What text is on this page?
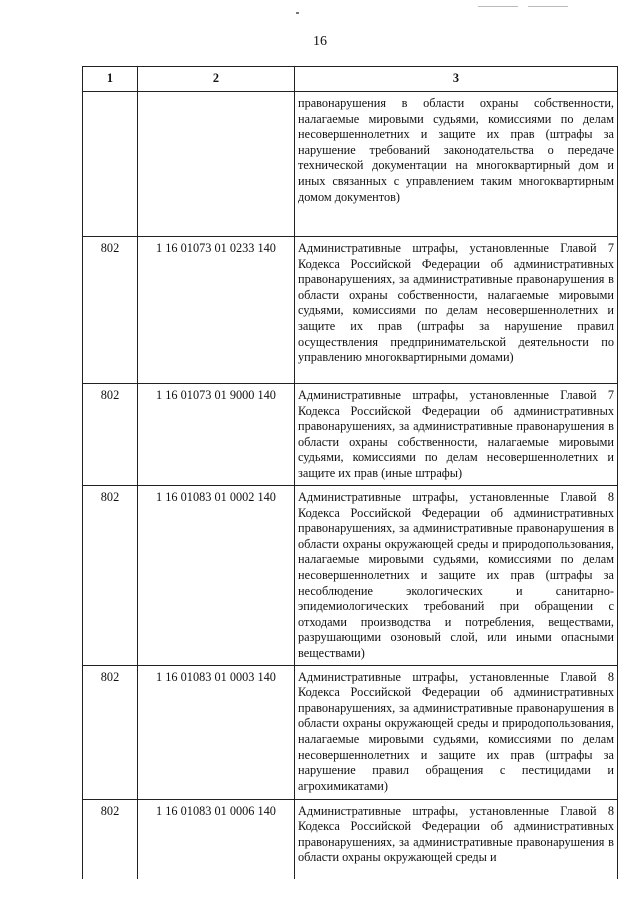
16
1	2	3
		правонарушения в области охраны собственности, налагаемые мировыми судьями, комиссиями по делам несовершеннолетних и защите их прав (штрафы за нарушение требований законодательства о передаче технической документации на многоквартирный дом и иных связанных с управлением таким многоквартирным домом документов)
802	1 16 01073 01 0233 140	Административные штрафы, установленные Главой 7 Кодекса Российской Федерации об административных правонарушениях, за административные правонарушения в области охраны собственности, налагаемые мировыми судьями, комиссиями по делам несовершеннолетних и защите их прав (штрафы за нарушение правил осуществления предпринимательской деятельности по управлению многоквартирными домами)
802	1 16 01073 01 9000 140	Административные штрафы, установленные Главой 7 Кодекса Российской Федерации об административных правонарушениях, за административные правонарушения в области охраны собственности, налагаемые мировыми судьями, комиссиями по делам несовершеннолетних и защите их прав (иные штрафы)
802	1 16 01083 01 0002 140	Административные штрафы, установленные Главой 8 Кодекса Российской Федерации об административных правонарушениях, за административные правонарушения в области охраны окружающей среды и природопользования, налагаемые мировыми судьями, комиссиями по делам несовершеннолетних и защите их прав (штрафы за несоблюдение экологических и санитарно-эпидемиологических требований при обращении с отходами производства и потребления, веществами, разрушающими озоновый слой, или иными опасными веществами)
802	1 16 01083 01 0003 140	Административные штрафы, установленные Главой 8 Кодекса Российской Федерации об административных правонарушениях, за административные правонарушения в области охраны окружающей среды и природопользования, налагаемые мировыми судьями, комиссиями по делам несовершеннолетних и защите их прав (штрафы за нарушение правил обращения с пестицидами и агрохимикатами)
802	1 16 01083 01 0006 140	Административные штрафы, установленные Главой 8 Кодекса Российской Федерации об административных правонарушениях, за административные правонарушения в области охраны окружающей среды и
